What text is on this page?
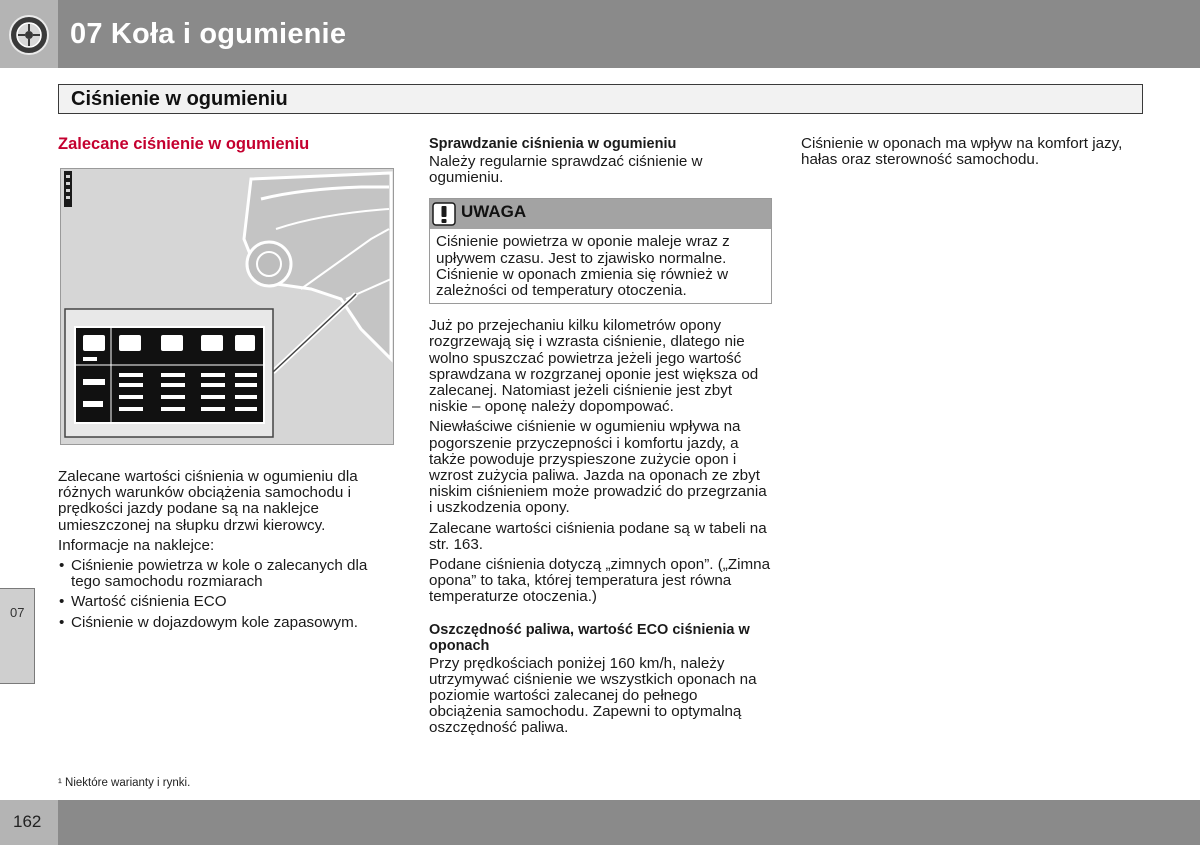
07 Koła i ogumienie
Ciśnienie w ogumieniu
07
Zalecane ciśnienie w ogumieniu

Zalecane wartości ciśnienia w ogumieniu dla różnych warunków obciążenia samochodu i prędkości jazdy podane są na naklejce umieszczonej na słupku drzwi kierowcy.

Informacje na naklejce:

• Ciśnienie powietrza w kole o zalecanych dla tego samochodu rozmiarach
• Wartość ciśnienia ECO
• Ciśnienie w dojazdowym kole zapasowym.
Sprawdzanie ciśnienia w ogumieniu

Należy regularnie sprawdzać ciśnienie w ogumieniu.

UWAGA
Ciśnienie powietrza w oponie maleje wraz z upływem czasu. Jest to zjawisko normalne. Ciśnienie w oponach zmienia się również w zależności od temperatury otoczenia.

Już po przejechaniu kilku kilometrów opony rozgrzewają się i wzrasta ciśnienie, dlatego nie wolno spuszczać powietrza jeżeli jego wartość sprawdzana w rozgrzanej oponie jest większa od zalecanej. Natomiast jeżeli ciśnienie jest zbyt niskie – oponę należy dopompować.

Niewłaściwe ciśnienie w ogumieniu wpływa na pogorszenie przyczepności i komfortu jazdy, a także powoduje przyspieszone zużycie opon i wzrost zużycia paliwa. Jazda na oponach ze zbyt niskim ciśnieniem może prowadzić do przegrzania i uszkodzenia opony.

Zalecane wartości ciśnienia podane są w tabeli na str. 163.

Podane ciśnienia dotyczą „zimnych opon”. („Zimna opona” to taka, której temperatura jest równa temperaturze otoczenia.)

Oszczędność paliwa, wartość ECO ciśnienia w oponach

Przy prędkościach poniżej 160 km/h, należy utrzymywać ciśnienie we wszystkich oponach na poziomie wartości zalecanej do pełnego obciążenia samochodu. Zapewni to optymalną oszczędność paliwa.

Ciśnienie w oponach ma wpływ na komfort jazy, hałas oraz sterowność samochodu.

¹ Niektóre warianty i rynki.
162
